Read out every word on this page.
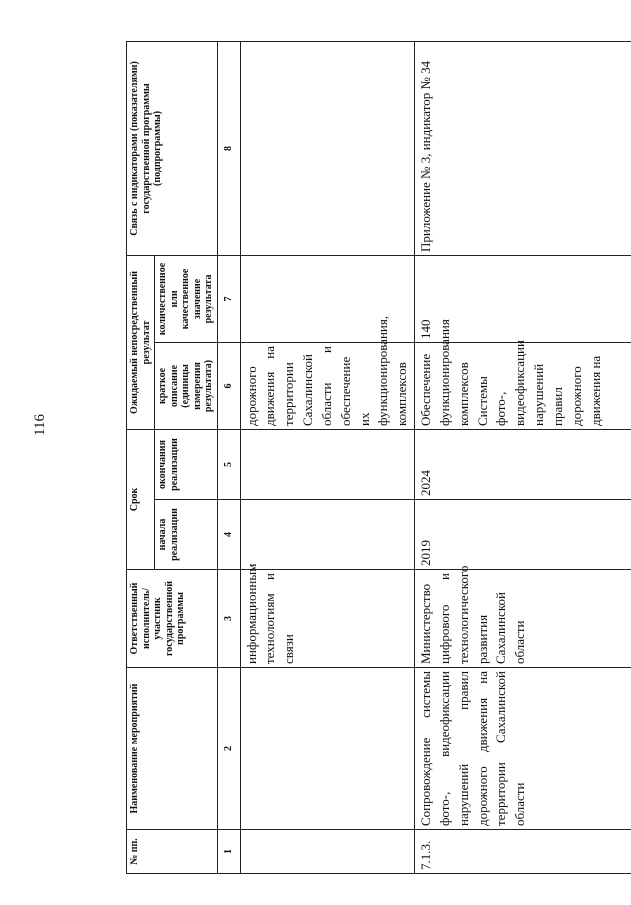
116
№ пп.	Наименование мероприятий	Ответственный исполнитель/ участник государственной программы	Срок		Ожидаемый непосредственный результат		Связь с индикаторами (показателями) государственной программы (подпрограммы)
			начала реализации	окончания реализации	краткое описание (единицы измерения результата)	количественное или качественное значение результата	
1	2	3	4	5	6	7	8
		информационным технологиям и связи			дорожного движения на территории Сахалинской области и обеспечение их функционирования, комплексов		
7.1.3.	Сопровождение системы фото-, видеофиксации нарушений правил дорожного движения на территории Сахалинской области	Министерство цифрового и технологического развития Сахалинской области	2019	2024	Обеспечение функционирования комплексов Системы фото-, видеофиксации нарушений правил дорожного движения на	140	Приложение № 3, индикатор № 34
